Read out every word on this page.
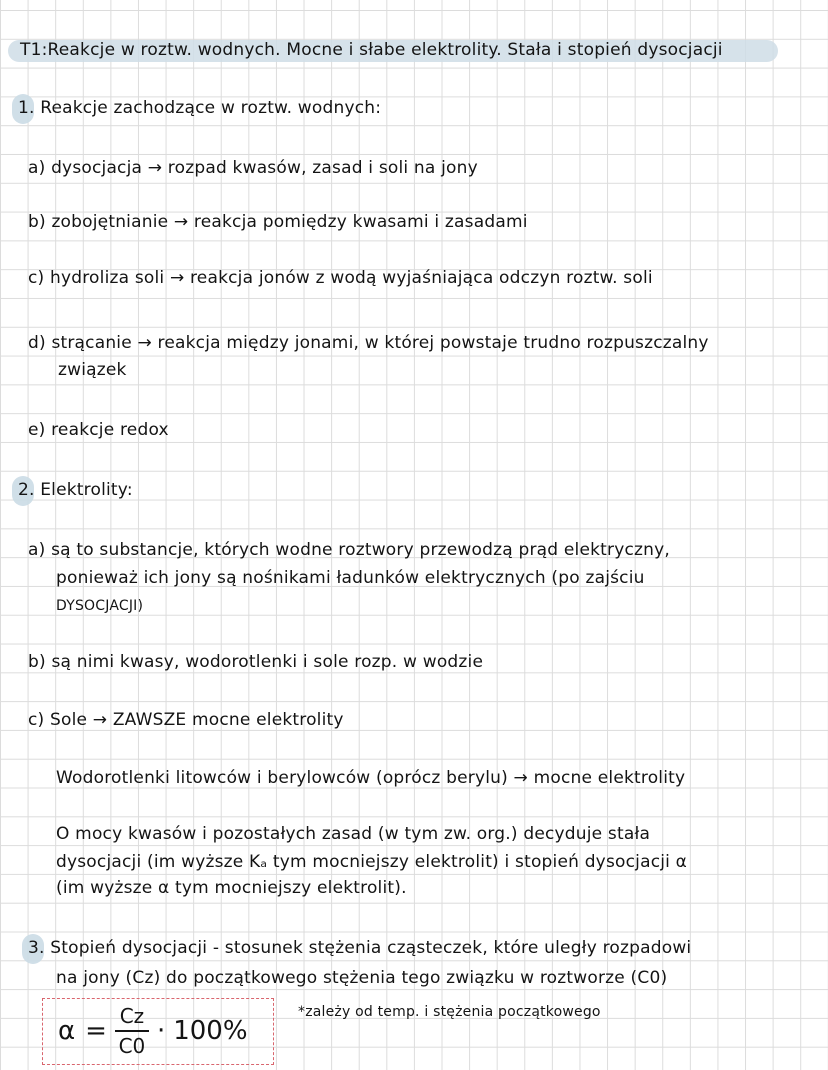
T1:Reakcje w roztw. wodnych. Mocne i słabe elektrolity. Stała i stopień dysocjacji
1. Reakcje zachodzące w roztw. wodnych:
a) dysocjacja → rozpad kwasów, zasad i soli na jony
b) zobojętnianie → reakcja pomiędzy kwasami i zasadami
c) hydroliza soli → reakcja jonów z wodą wyjaśniająca odczyn roztw. soli
d) strącanie → reakcja między jonami, w której powstaje trudno rozpuszczalny
związek
e) reakcje redox
2. Elektrolity:
a) są to substancje, których wodne roztwory przewodzą prąd elektryczny,
ponieważ ich jony są nośnikami ładunków elektrycznych (po zajściu
DYSOCJACJI)
b) są nimi kwasy, wodorotlenki i sole rozp. w wodzie
c) Sole → ZAWSZE mocne elektrolity
Wodorotlenki litowców i berylowców (oprócz berylu) → mocne elektrolity
O mocy kwasów i pozostałych zasad (w tym zw. org.) decyduje stała
dysocjacji (im wyższe Kₐ tym mocniejszy elektrolit) i stopień dysocjacji α
(im wyższe α tym mocniejszy elektrolit).
3. Stopień dysocjacji - stosunek stężenia cząsteczek, które uległy rozpadowi
na jony (Cz) do początkowego stężenia tego związku w roztworze (C0)
$\alpha = \frac{Cz}{C0} \cdot 100\%$
*zależy od temp. i stężenia początkowego
